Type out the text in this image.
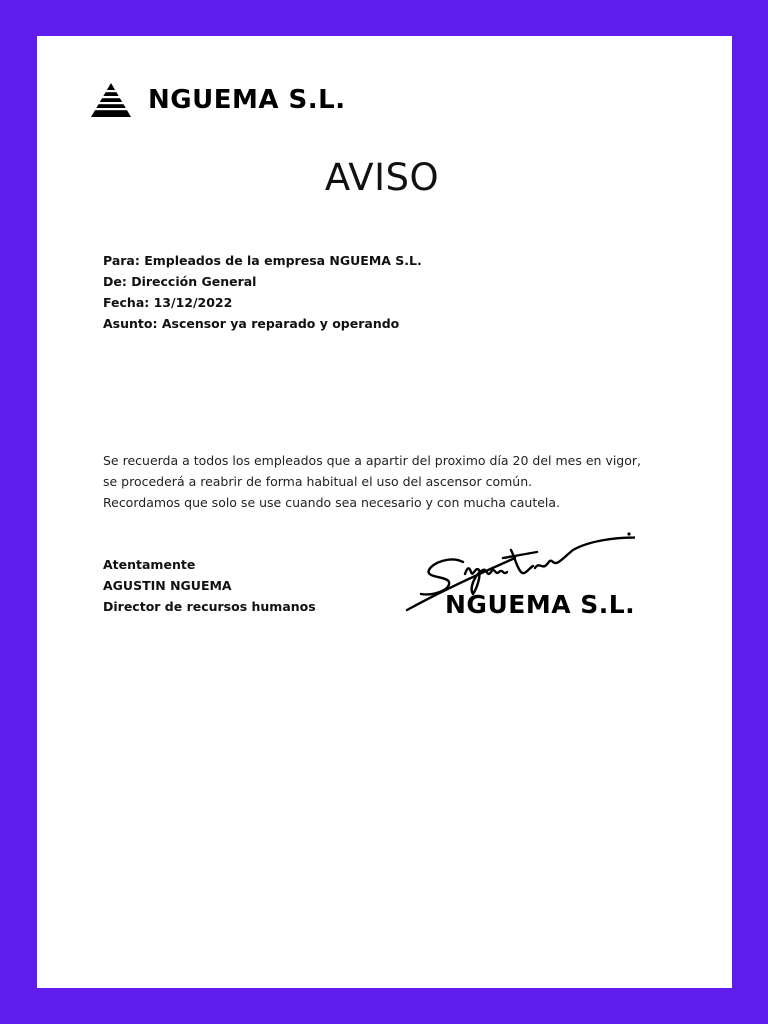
NGUEMA S.L.
AVISO
Para: Empleados de la empresa NGUEMA S.L.
De: Dirección General
Fecha: 13/12/2022
Asunto: Ascensor ya reparado y operando
Se recuerda a todos los empleados que a apartir del proximo día 20 del mes en vigor,
se procederá a reabrir de forma habitual el uso del ascensor común.
Recordamos que solo se use cuando sea necesario y con mucha cautela.
Atentamente
AGUSTIN NGUEMA
Director de recursos humanos	NGUEMA S.L.
